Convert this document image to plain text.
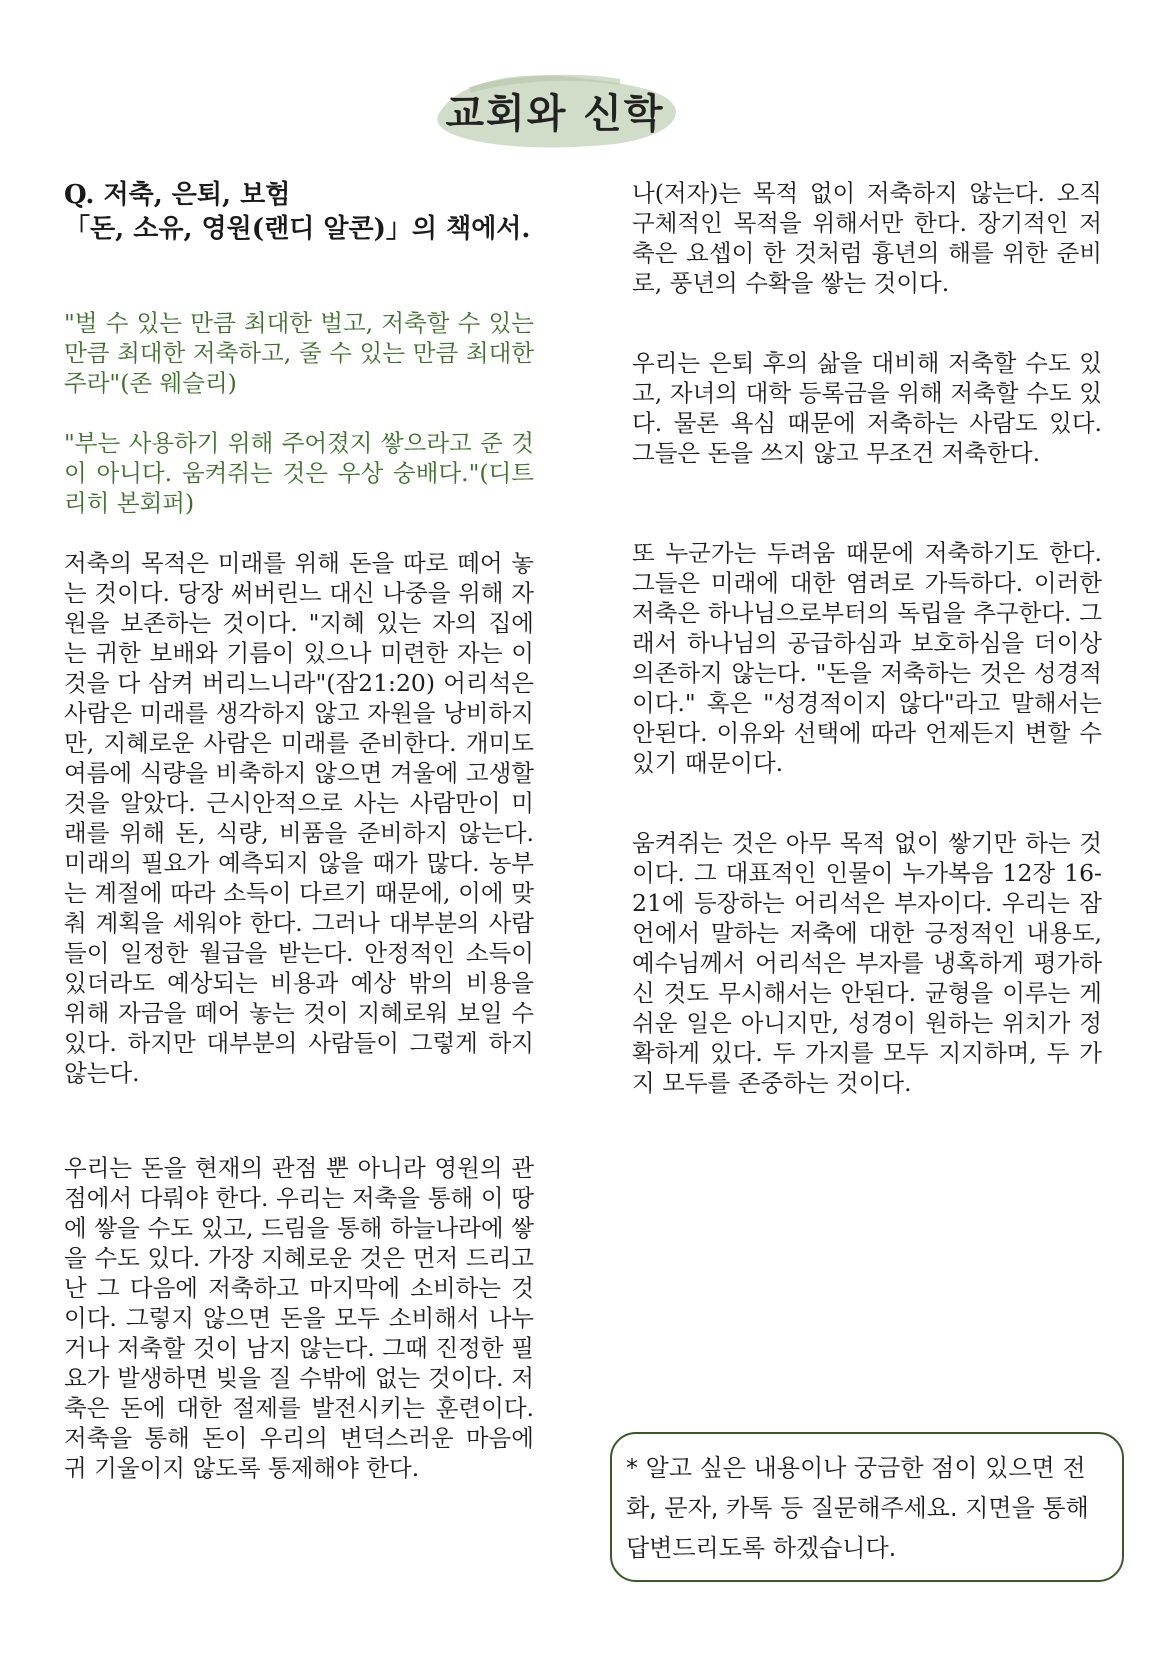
교회와 신학
Q. 저축, 은퇴, 보험
「돈, 소유, 영원(랜디 알콘)」의 책에서.

"벌 수 있는 만큼 최대한 벌고, 저축할 수 있는 만큼 최대한 저축하고, 줄 수 있는 만큼 최대한 주라"(존 웨슬리)

"부는 사용하기 위해 주어졌지 쌓으라고 준 것이 아니다. 움켜쥐는 것은 우상 숭배다."(디트리히 본회퍼)

저축의 목적은 미래를 위해 돈을 따로 떼어 놓는 것이다. 당장 써버린느 대신 나중을 위해 자원을 보존하는 것이다. "지혜 있는 자의 집에는 귀한 보배와 기름이 있으나 미련한 자는 이것을 다 삼켜 버리느니라"(잠21:20) 어리석은 사람은 미래를 생각하지 않고 자원을 낭비하지만, 지혜로운 사람은 미래를 준비한다. 개미도 여름에 식량을 비축하지 않으면 겨울에 고생할 것을 알았다. 근시안적으로 사는 사람만이 미래를 위해 돈, 식량, 비품을 준비하지 않는다. 미래의 필요가 예측되지 않을 때가 많다. 농부는 계절에 따라 소득이 다르기 때문에, 이에 맞춰 계획을 세워야 한다. 그러나 대부분의 사람들이 일정한 월급을 받는다. 안정적인 소득이 있더라도 예상되는 비용과 예상 밖의 비용을 위해 자금을 떼어 놓는 것이 지혜로워 보일 수 있다. 하지만 대부분의 사람들이 그렇게 하지 않는다.

우리는 돈을 현재의 관점 뿐 아니라 영원의 관점에서 다뤄야 한다. 우리는 저축을 통해 이 땅에 쌓을 수도 있고, 드림을 통해 하늘나라에 쌓을 수도 있다. 가장 지혜로운 것은 먼저 드리고 난 그 다음에 저축하고 마지막에 소비하는 것이다. 그렇지 않으면 돈을 모두 소비해서 나누거나 저축할 것이 남지 않는다. 그때 진정한 필요가 발생하면 빚을 질 수밖에 없는 것이다. 저축은 돈에 대한 절제를 발전시키는 훈련이다. 저축을 통해 돈이 우리의 변덕스러운 마음에 귀 기울이지 않도록 통제해야 한다.

나(저자)는 목적 없이 저축하지 않는다. 오직 구체적인 목적을 위해서만 한다. 장기적인 저축은 요셉이 한 것처럼 흉년의 해를 위한 준비로, 풍년의 수확을 쌓는 것이다.

우리는 은퇴 후의 삶을 대비해 저축할 수도 있고, 자녀의 대학 등록금을 위해 저축할 수도 있다. 물론 욕심 때문에 저축하는 사람도 있다. 그들은 돈을 쓰지 않고 무조건 저축한다.

또 누군가는 두려움 때문에 저축하기도 한다. 그들은 미래에 대한 염려로 가득하다. 이러한 저축은 하나님으로부터의 독립을 추구한다. 그래서 하나님의 공급하심과 보호하심을 더이상 의존하지 않는다. "돈을 저축하는 것은 성경적이다." 혹은 "성경적이지 않다"라고 말해서는 안된다. 이유와 선택에 따라 언제든지 변할 수 있기 때문이다.

움켜쥐는 것은 아무 목적 없이 쌓기만 하는 것이다. 그 대표적인 인물이 누가복음 12장 16-21에 등장하는 어리석은 부자이다. 우리는 잠언에서 말하는 저축에 대한 긍정적인 내용도, 예수님께서 어리석은 부자를 냉혹하게 평가하신 것도 무시해서는 안된다. 균형을 이루는 게 쉬운 일은 아니지만, 성경이 원하는 위치가 정확하게 있다. 두 가지를 모두 지지하며, 두 가지 모두를 존중하는 것이다.

* 알고 싶은 내용이나 궁금한 점이 있으면 전화, 문자, 카톡 등 질문해주세요. 지면을 통해 답변드리도록 하겠습니다.
